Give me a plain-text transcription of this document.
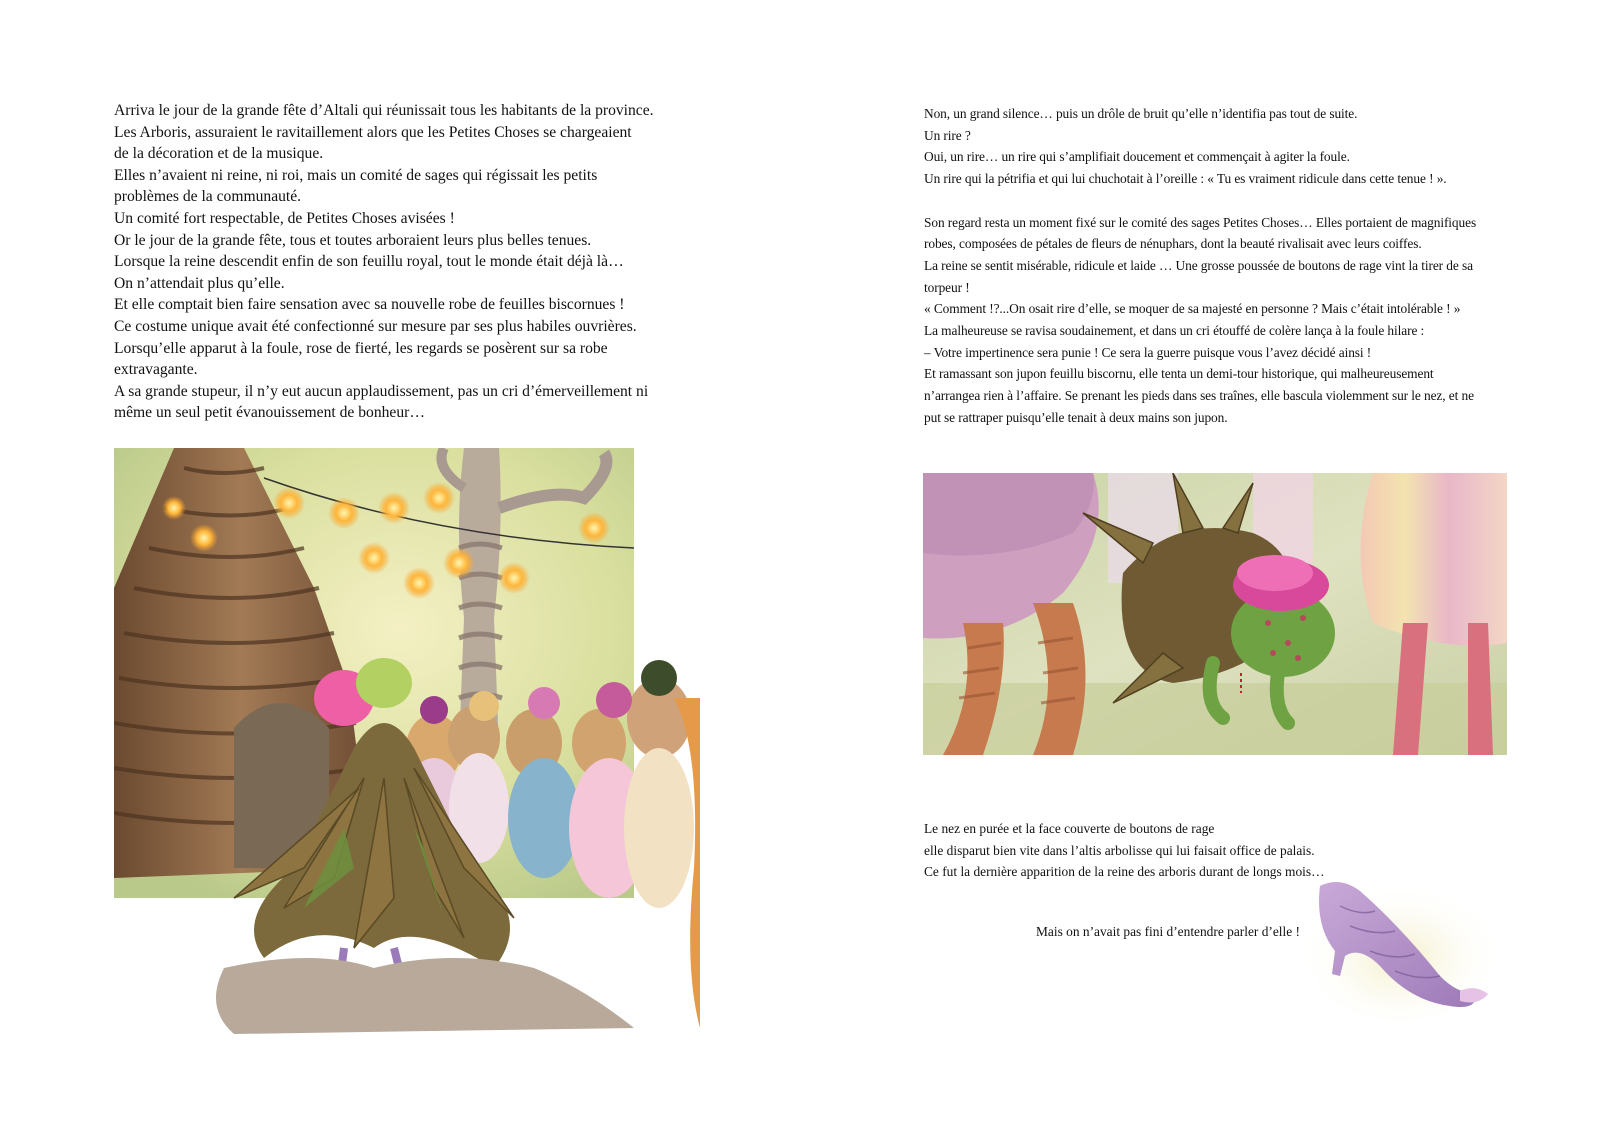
Arriva le jour de la grande fête d’Altali qui réunissait tous les habitants de la province.
Les Arboris, assuraient le ravitaillement alors que les Petites Choses se chargeaient
de la décoration et de la musique.
Elles n’avaient ni reine, ni roi, mais un comité de sages qui régissait les petits
problèmes de la communauté.
Un comité fort respectable, de Petites Choses avisées !
Or le jour de la grande fête, tous et toutes arboraient leurs plus belles tenues.
Lorsque la reine descendit enfin de son feuillu royal, tout le monde était déjà là…
On n’attendait plus qu’elle.
Et elle comptait bien faire sensation avec sa nouvelle robe de feuilles biscornues !
Ce costume unique avait été confectionné sur mesure par ses plus habiles ouvrières.
Lorsqu’elle apparut à la foule, rose de fierté, les regards se posèrent sur sa robe
extravagante.
A sa grande stupeur, il n’y eut aucun applaudissement, pas un cri d’émerveillement ni
même un seul petit évanouissement de bonheur…
Non, un grand silence… puis un drôle de bruit qu’elle n’identifia pas tout de suite.
Un rire ?
Oui, un rire… un rire qui s’amplifiait doucement et commençait à agiter la foule.
Un rire qui la pétrifia et qui lui chuchotait à l’oreille : « Tu es vraiment ridicule dans cette tenue ! ».
Son regard resta un moment fixé sur le comité des sages Petites Choses… Elles portaient de magnifiques
robes, composées de pétales de fleurs de nénuphars, dont la beauté rivalisait avec leurs coiffes.
La reine se sentit misérable, ridicule et laide … Une grosse poussée de boutons de rage vint la tirer de sa
torpeur !
« Comment !?...On osait rire d’elle, se moquer de sa majesté en personne ? Mais c’était intolérable ! »
La malheureuse se ravisa soudainement, et dans un cri étouffé de colère lança à la foule hilare :
– Votre impertinence sera punie ! Ce sera la guerre puisque vous l’avez décidé ainsi !
Et ramassant son jupon feuillu biscornu, elle tenta un demi-tour historique, qui malheureusement
n’arrangea rien à l’affaire. Se prenant les pieds dans ses traînes, elle bascula violemment sur le nez, et ne
put se rattraper puisqu’elle tenait à deux mains son jupon.
Le nez en purée et la face couverte de boutons de rage
elle disparut bien vite dans l’altis arbolisse qui lui faisait office de palais.
Ce fut la dernière apparition de la reine des arboris durant de longs mois…
Mais on n’avait pas fini d’entendre parler d’elle !
